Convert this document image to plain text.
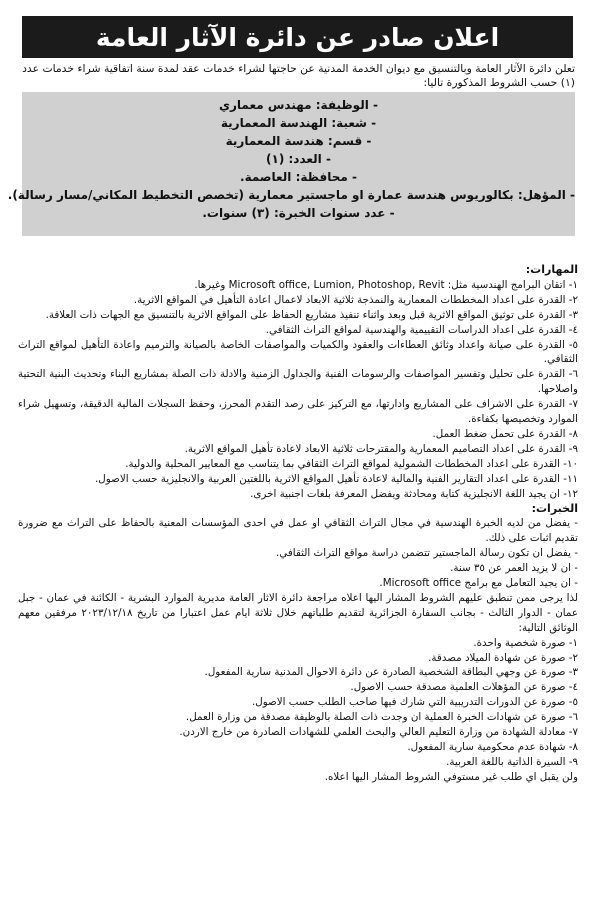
اعلان صادر عن دائرة الآثار العامة
تعلن دائرة الآثار العامة وبالتنسيق مع ديوان الخدمة المدنية عن حاجتها لشراء خدمات عقد لمدة سنة اتفاقية شراء خدمات عدد (١) حسب الشروط المذكورة تاليا:
- الوظيفة: مهندس معماري
- شعبة: الهندسة المعمارية
- قسم: هندسة المعمارية
- العدد: (١)
- محافظة: العاصمة.
- المؤهل: بكالوريوس هندسة عمارة او ماجستير معمارية (تخصص التخطيط المكاني/مسار رسالة).
- عدد سنوات الخبرة: (٣) سنوات.
المهارات:
١- اتقان البرامج الهندسية مثل: Microsoft office, Lumion, Photoshop, Revit وغيرها.
٢- القدرة على اعداد المخططات المعمارية والنمذجة ثلاثية الابعاد لاعمال اعادة التأهيل في المواقع الاثرية.
٣- القدرة على توثيق المواقع الاثرية قبل وبعد واثناء تنفيذ مشاريع الحفاظ على المواقع الاثرية بالتنسيق مع الجهات ذات العلاقة.
٤- القدرة على اعداد الدراسات التقييمية والهندسية لمواقع التراث الثقافي.
٥- القدرة على صيانة واعداد وثائق العطاءات والعقود والكميات والمواصفات الخاصة بالصيانة والترميم واعادة التأهيل لمواقع التراث الثقافي.
٦- القدرة على تحليل وتفسير المواصفات والرسومات الفنية والجداول الزمنية والادلة ذات الصلة بمشاريع البناء وتحديث البنية التحتية واصلاحها.
٧- القدرة على الاشراف على المشاريع وادارتها، مع التركيز على رصد التقدم المحرز، وحفظ السجلات المالية الدقيقة، وتسهيل شراء الموارد وتخصيصها بكفاءة.
٨- القدرة على تحمل ضغط العمل.
٩- القدرة على اعداد التصاميم المعمارية والمقترحات ثلاثية الابعاد لاعادة تأهيل المواقع الاثرية.
١٠- القدرة على اعداد المخططات الشمولية لمواقع التراث الثقافي بما يتناسب مع المعايير المحلية والدولية.
١١- القدرة على اعداد التقارير الفنية والمالية لاعادة تأهيل المواقع الاثرية باللغتين العربية والانجليزية حسب الاصول.
١٢- ان يجيد اللغة الانجليزية كتابة ومحادثة ويفضل المعرفة بلغات اجنبية اخرى.
الخبرات:
- يفضل من لديه الخبرة الهندسية في مجال التراث الثقافي او عمل في احدى المؤسسات المعنية بالحفاظ على التراث مع ضرورة تقديم اثبات على ذلك.
- يفضل ان تكون رسالة الماجستير تتضمن دراسة مواقع التراث الثقافي.
- ان لا يزيد العمر عن ٣٥ سنة.
- ان يجيد التعامل مع برامج Microsoft office.
لذا يرجى ممن تنطبق عليهم الشروط المشار اليها اعلاه مراجعة دائرة الاثار العامة مديرية الموارد البشرية - الكائنة في عمان - جبل عمان - الدوار الثالث - بجانب السفارة الجزائرية لتقديم طلباتهم خلال ثلاثة ايام عمل اعتبارا من تاريخ ٢٠٢٣/١٢/١٨ مرفقين معهم الوثائق التالية:
١- صورة شخصية واحدة.
٢- صورة عن شهادة الميلاد مصدقة.
٣- صورة عن وجهي البطاقة الشخصية الصادرة عن دائرة الاحوال المدنية سارية المفعول.
٤- صورة عن المؤهلات العلمية مصدقة حسب الاصول.
٥- صورة عن الدورات التدريبية التي شارك فيها صاحب الطلب حسب الاصول.
٦- صورة عن شهادات الخبرة العملية ان وجدت ذات الصلة بالوظيفة مصدقة من وزارة العمل.
٧- معادلة الشهادة من وزارة التعليم العالي والبحث العلمي للشهادات الصادرة من خارج الاردن.
٨- شهادة عدم محكومية سارية المفعول.
٩- السيرة الذاتية باللغة العربية.
ولن يقبل اي طلب غير مستوفي الشروط المشار اليها اعلاه.
